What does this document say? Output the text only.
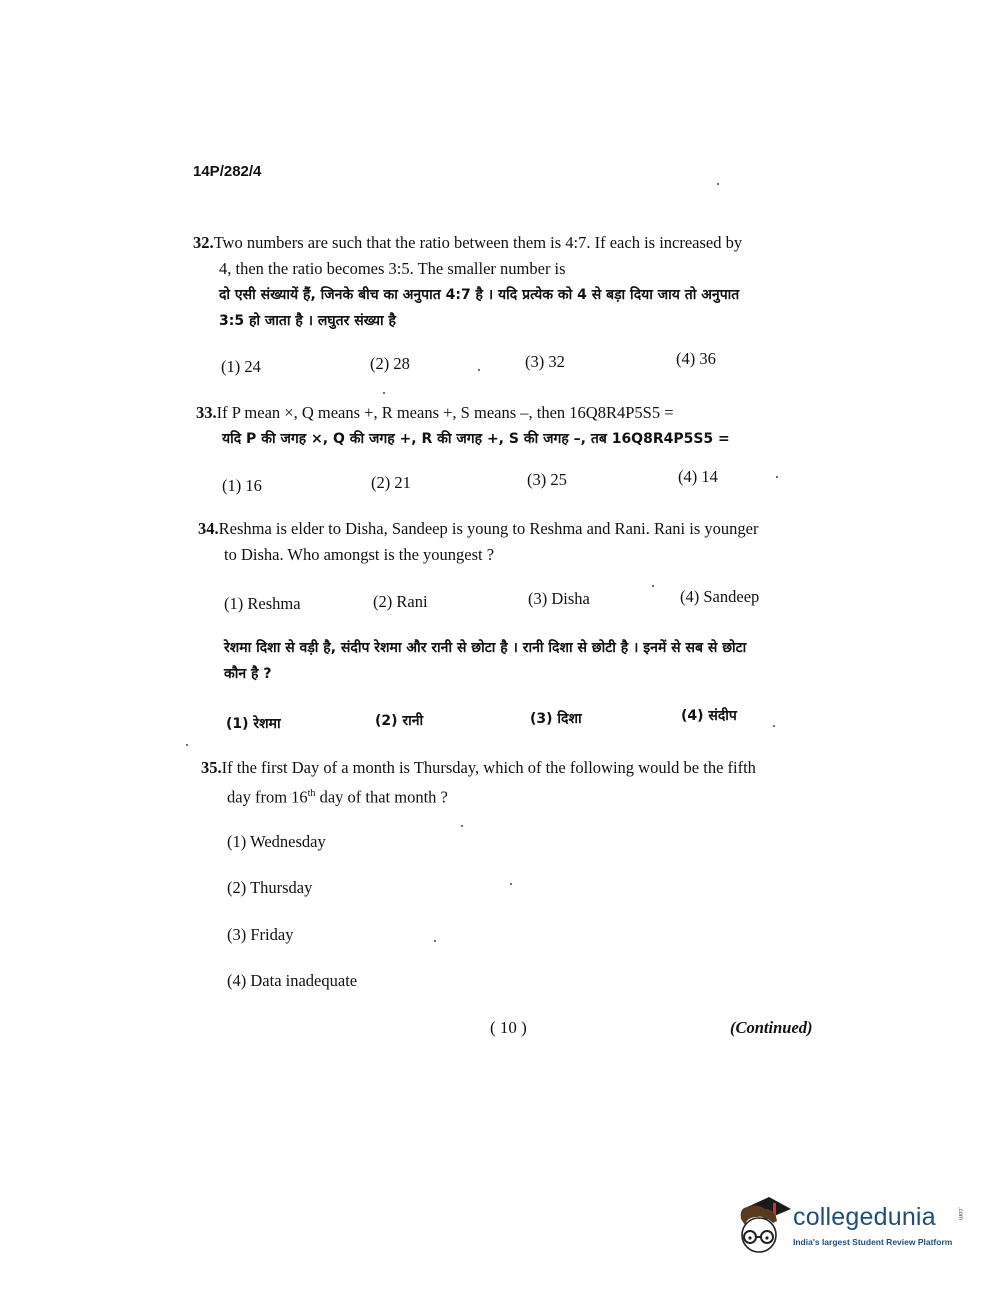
14P/282/4
32.Two numbers are such that the ratio between them is 4:7. If each is increased by
4, then the ratio becomes 3:5. The smaller number is
दो एसी संख्यायें हैं, जिनके बीच का अनुपात 4:7 है । यदि प्रत्येक को 4 से बड़ा दिया जाय तो अनुपात
3:5 हो जाता है । लघुतर संख्या है
(1) 24	(2) 28	(3) 32	(4) 36
33.If P mean ×, Q means +, R means +, S means –, then 16Q8R4P5S5 =
यदि P की जगह ×, Q की जगह +, R की जगह +, S की जगह –, तब 16Q8R4P5S5 =
(1) 16	(2) 21	(3) 25	(4) 14
34.Reshma is elder to Disha, Sandeep is young to Reshma and Rani. Rani is younger
to Disha. Who amongst is the youngest ?
(1) Reshma	(2) Rani	(3) Disha	(4) Sandeep
रेशमा दिशा से वड़ी है, संदीप रेशमा और रानी से छोटा है । रानी दिशा से छोटी है । इनमें से सब से छोटा
कौन है ?
(1) रेशमा	(2) रानी	(3) दिशा	(4) संदीप
35.If the first Day of a month is Thursday, which of the following would be the fifth
day from 16th day of that month ?
(1) Wednesday
(2) Thursday
(3) Friday
(4) Data inadequate
( 10 )	(Continued)
collegedunia	.com
India's largest Student Review Platform
